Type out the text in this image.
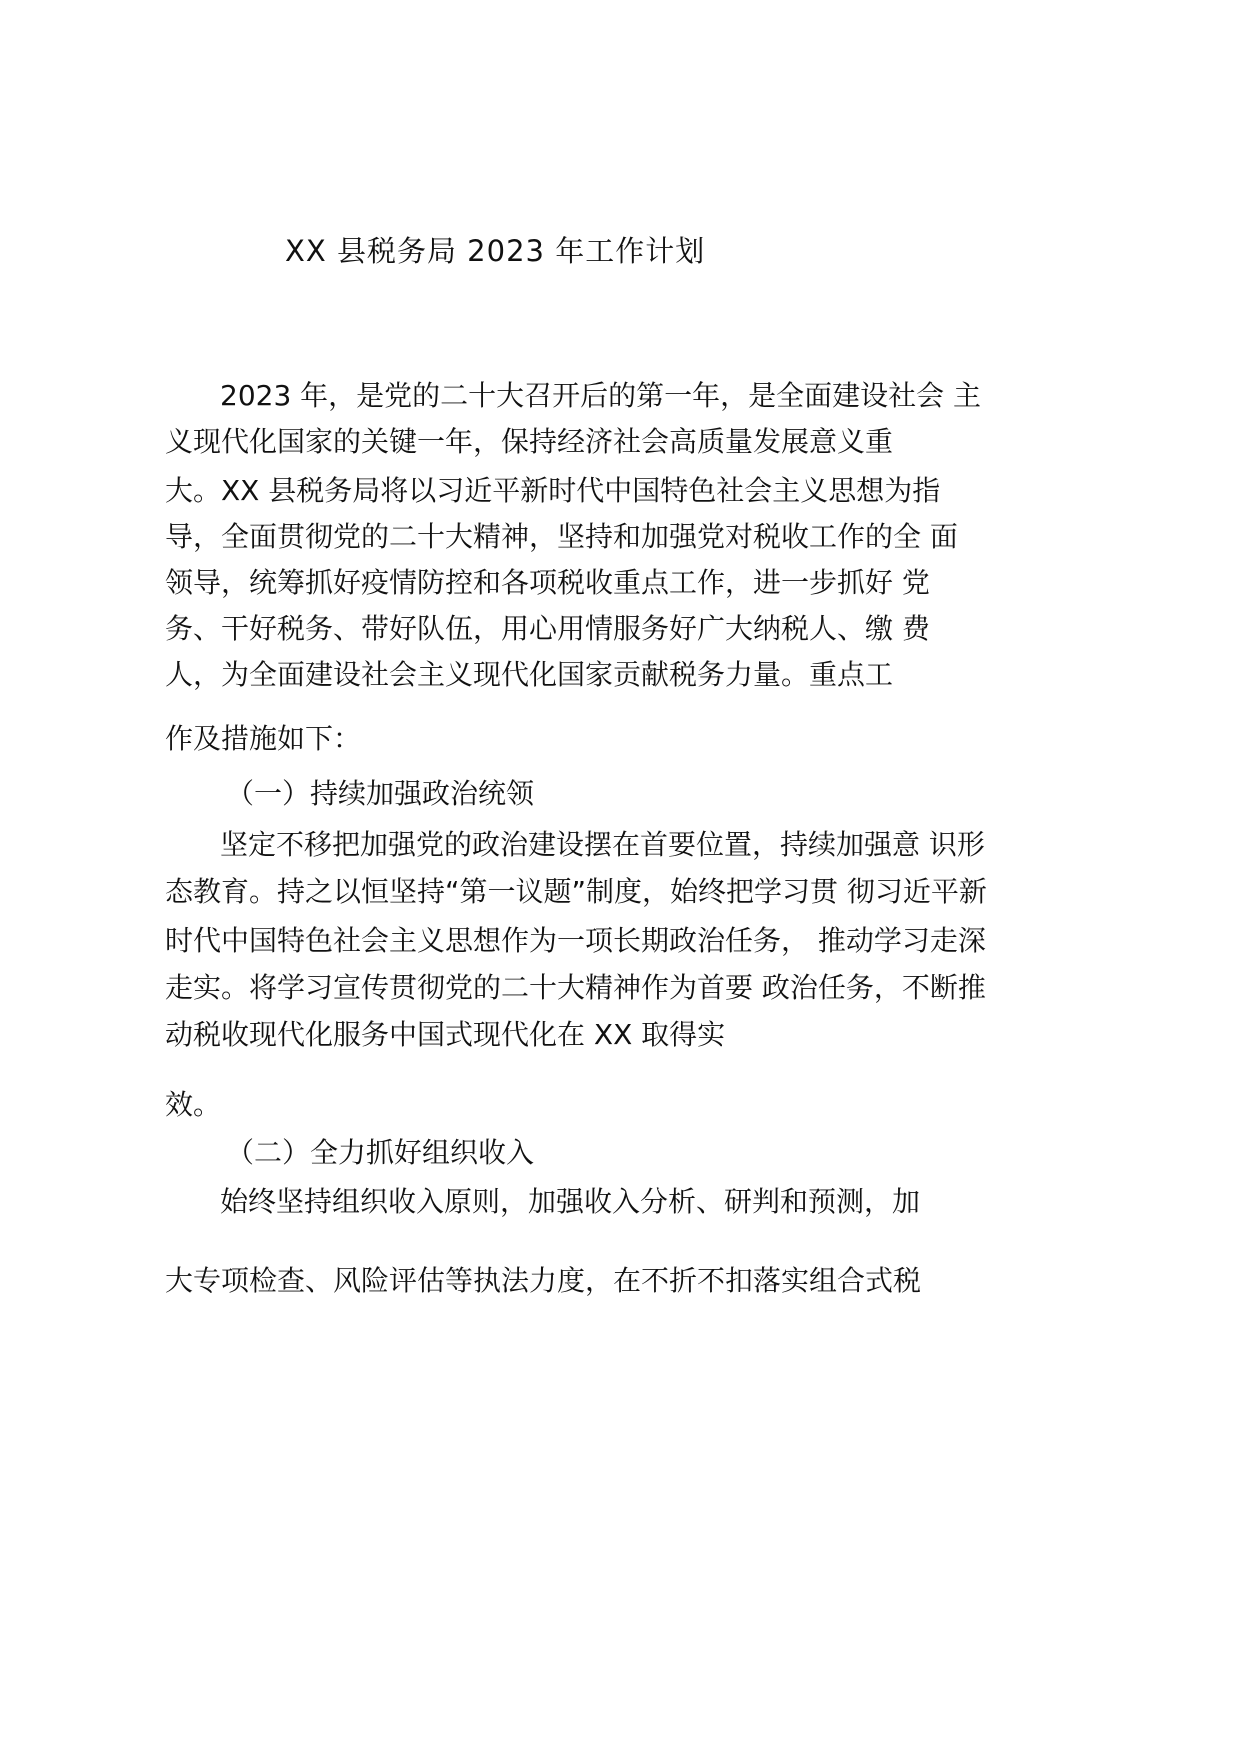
XX 县税务局 2023 年工作计划
2023 年，是党的二十大召开后的第一年，是全面建设社会 主
义现代化国家的关键一年，保持经济社会高质量发展意义重
大。XX 县税务局将以习近平新时代中国特色社会主义思想为指
导，全面贯彻党的二十大精神，坚持和加强党对税收工作的全 面
领导，统筹抓好疫情防控和各项税收重点工作，进一步抓好 党
务、干好税务、带好队伍，用心用情服务好广大纳税人、缴 费
人，为全面建设社会主义现代化国家贡献税务力量。重点工
作及措施如下：
（一）持续加强政治统领
坚定不移把加强党的政治建设摆在首要位置，持续加强意 识形
态教育。持之以恒坚持“第一议题”制度，始终把学习贯 彻习近平新
时代中国特色社会主义思想作为一项长期政治任务， 推动学习走深
走实。将学习宣传贯彻党的二十大精神作为首要 政治任务，不断推
动税收现代化服务中国式现代化在 XX 取得实
效。
（二）全力抓好组织收入
始终坚持组织收入原则，加强收入分析、研判和预测，加
大专项检查、风险评估等执法力度，在不折不扣落实组合式税
